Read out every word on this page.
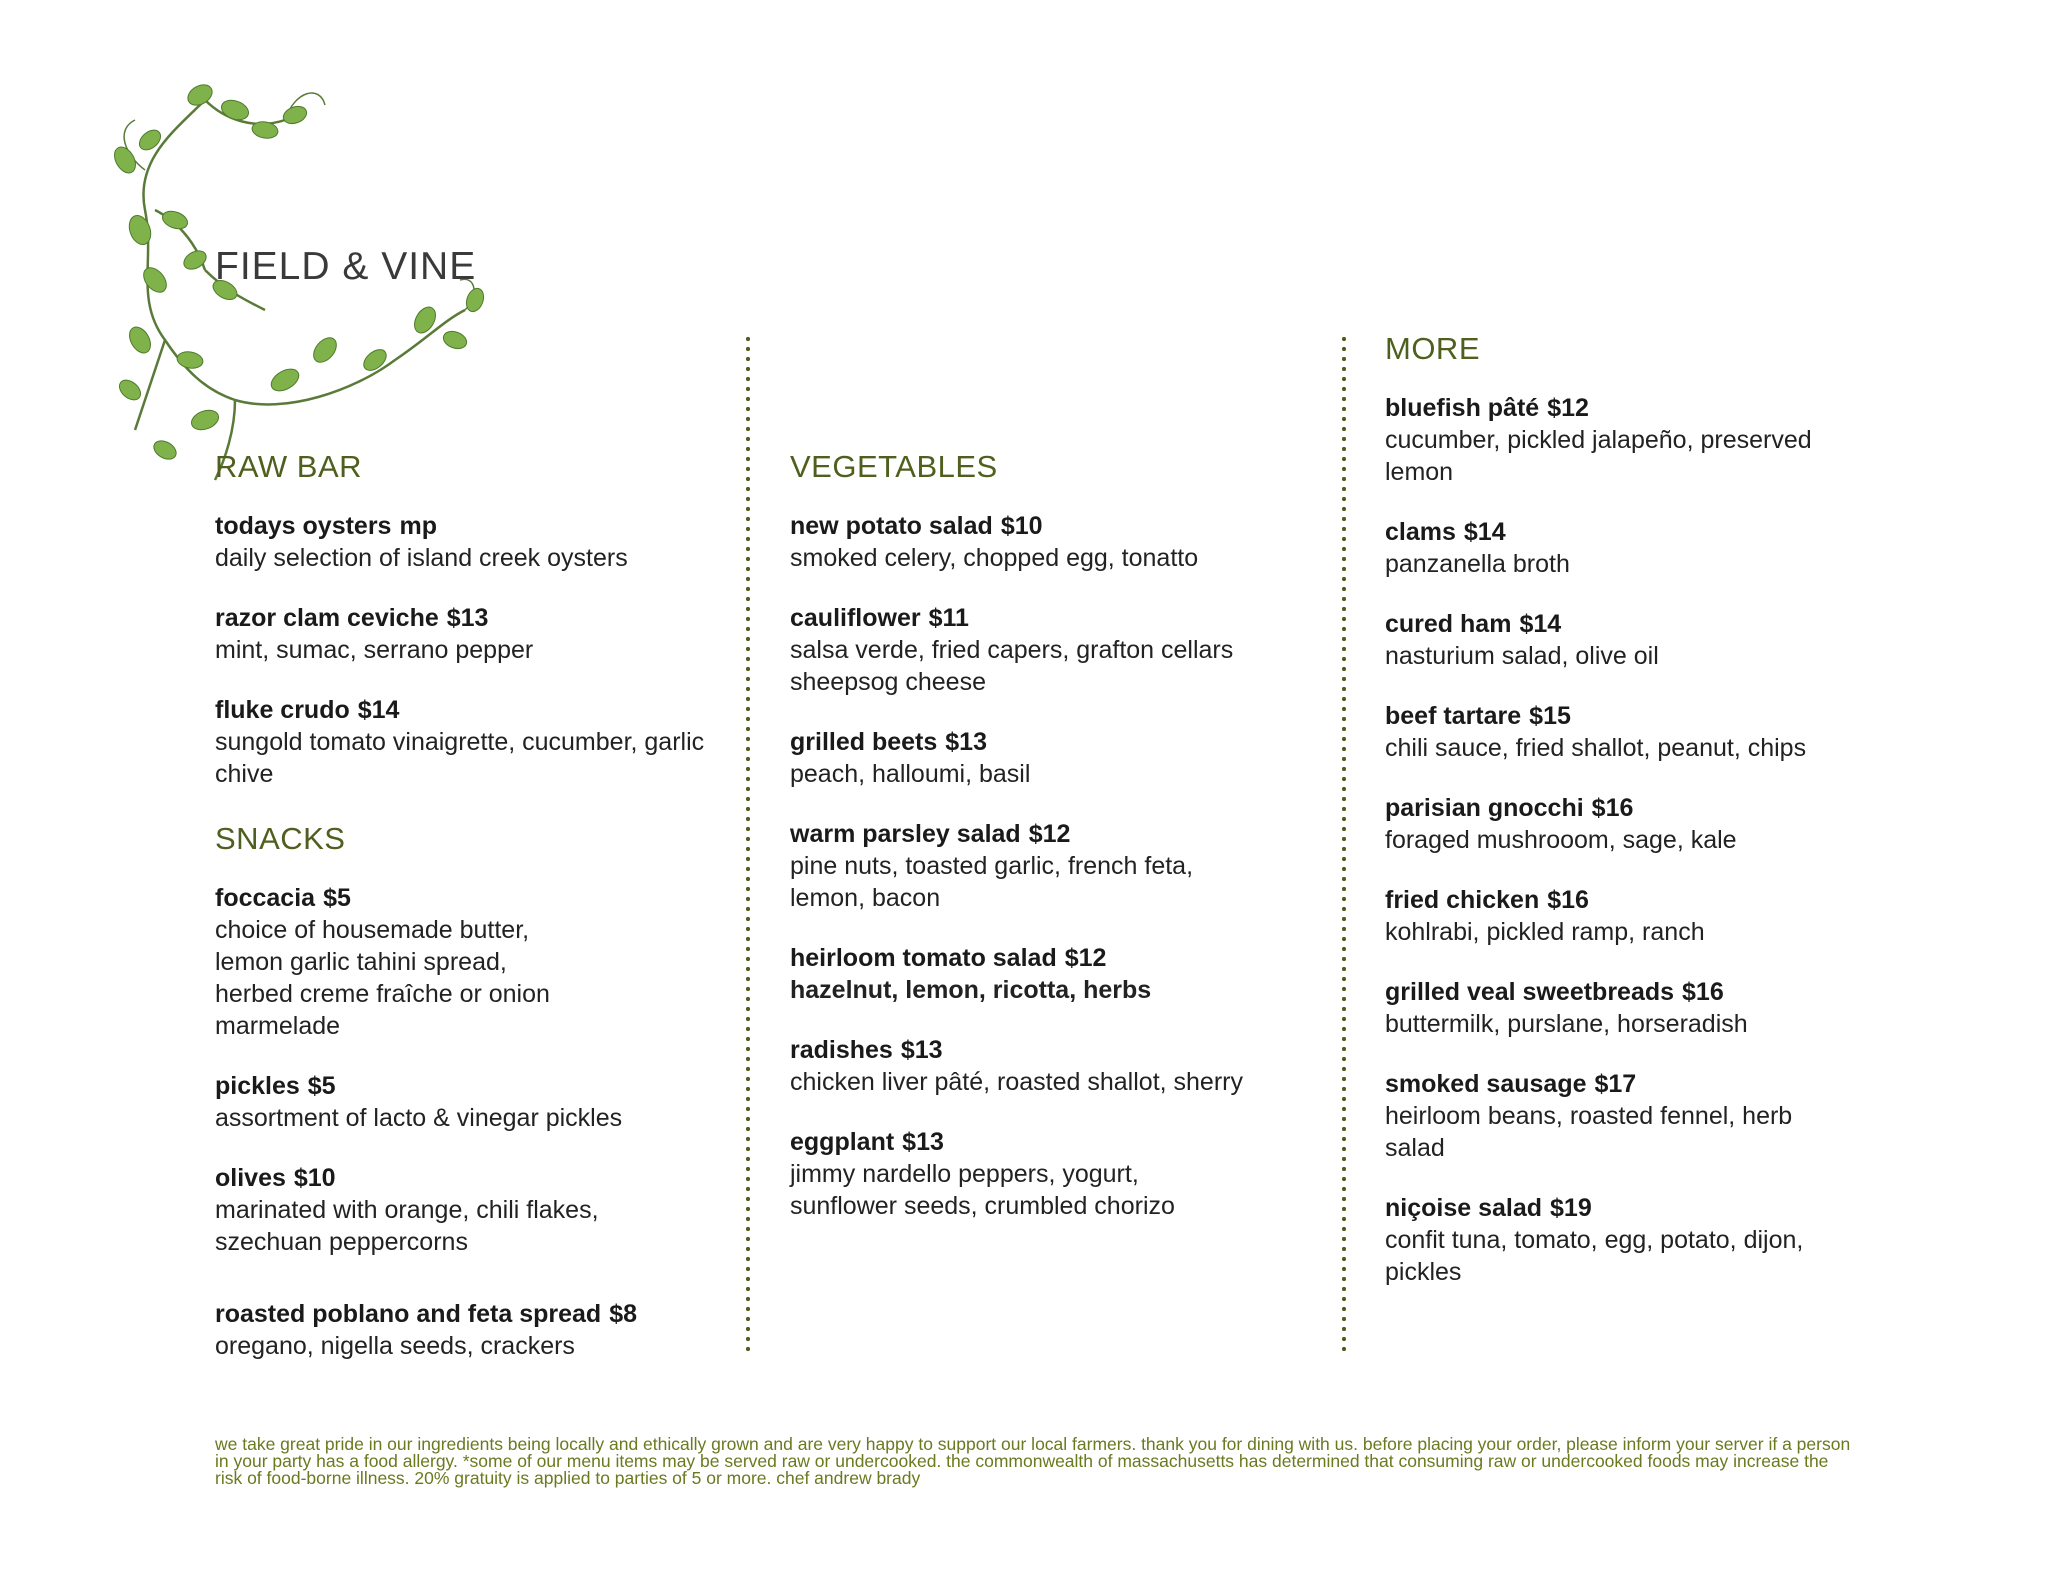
FIELD & VINE
RAW BAR
todays oysters mp
daily selection of island creek oysters
razor clam ceviche $13
mint, sumac, serrano pepper
fluke crudo $14
sungold tomato vinaigrette, cucumber, garlic chive
SNACKS
foccacia $5
choice of housemade butter, lemon garlic tahini spread, herbed creme fraîche or onion marmelade
pickles $5
assortment of lacto & vinegar pickles
olives $10
marinated with orange, chili flakes, szechuan peppercorns
roasted poblano and feta spread $8
oregano, nigella seeds, crackers
VEGETABLES
new potato salad $10
smoked celery, chopped egg, tonatto
cauliflower $11
salsa verde, fried capers, grafton cellars sheepsog cheese
grilled beets $13
peach, halloumi, basil
warm parsley salad $12
pine nuts, toasted garlic, french feta, lemon, bacon
heirloom tomato salad $12
hazelnut, lemon, ricotta, herbs
radishes $13
chicken liver pâté, roasted shallot, sherry
eggplant $13
jimmy nardello peppers, yogurt, sunflower seeds, crumbled chorizo
MORE
bluefish pâté $12
cucumber, pickled jalapeño, preserved lemon
clams $14
panzanella broth
cured ham $14
nasturium salad, olive oil
beef tartare $15
chili sauce, fried shallot, peanut, chips
parisian gnocchi $16
foraged mushrooom, sage, kale
fried chicken $16
kohlrabi, pickled ramp, ranch
grilled veal sweetbreads $16
buttermilk, purslane, horseradish
smoked sausage $17
heirloom beans, roasted fennel, herb salad
niçoise salad $19
confit tuna, tomato, egg, potato, dijon, pickles
we take great pride in our ingredients being locally and ethically grown and are very happy to support our local farmers. thank you for dining with us. before placing your order, please inform your server if a person in your party has a food allergy. *some of our menu items may be served raw or undercooked. the commonwealth of massachusetts has determined that consuming raw or undercooked foods may increase the risk of food-borne illness. 20% gratuity is applied to parties of 5 or more. chef andrew brady
